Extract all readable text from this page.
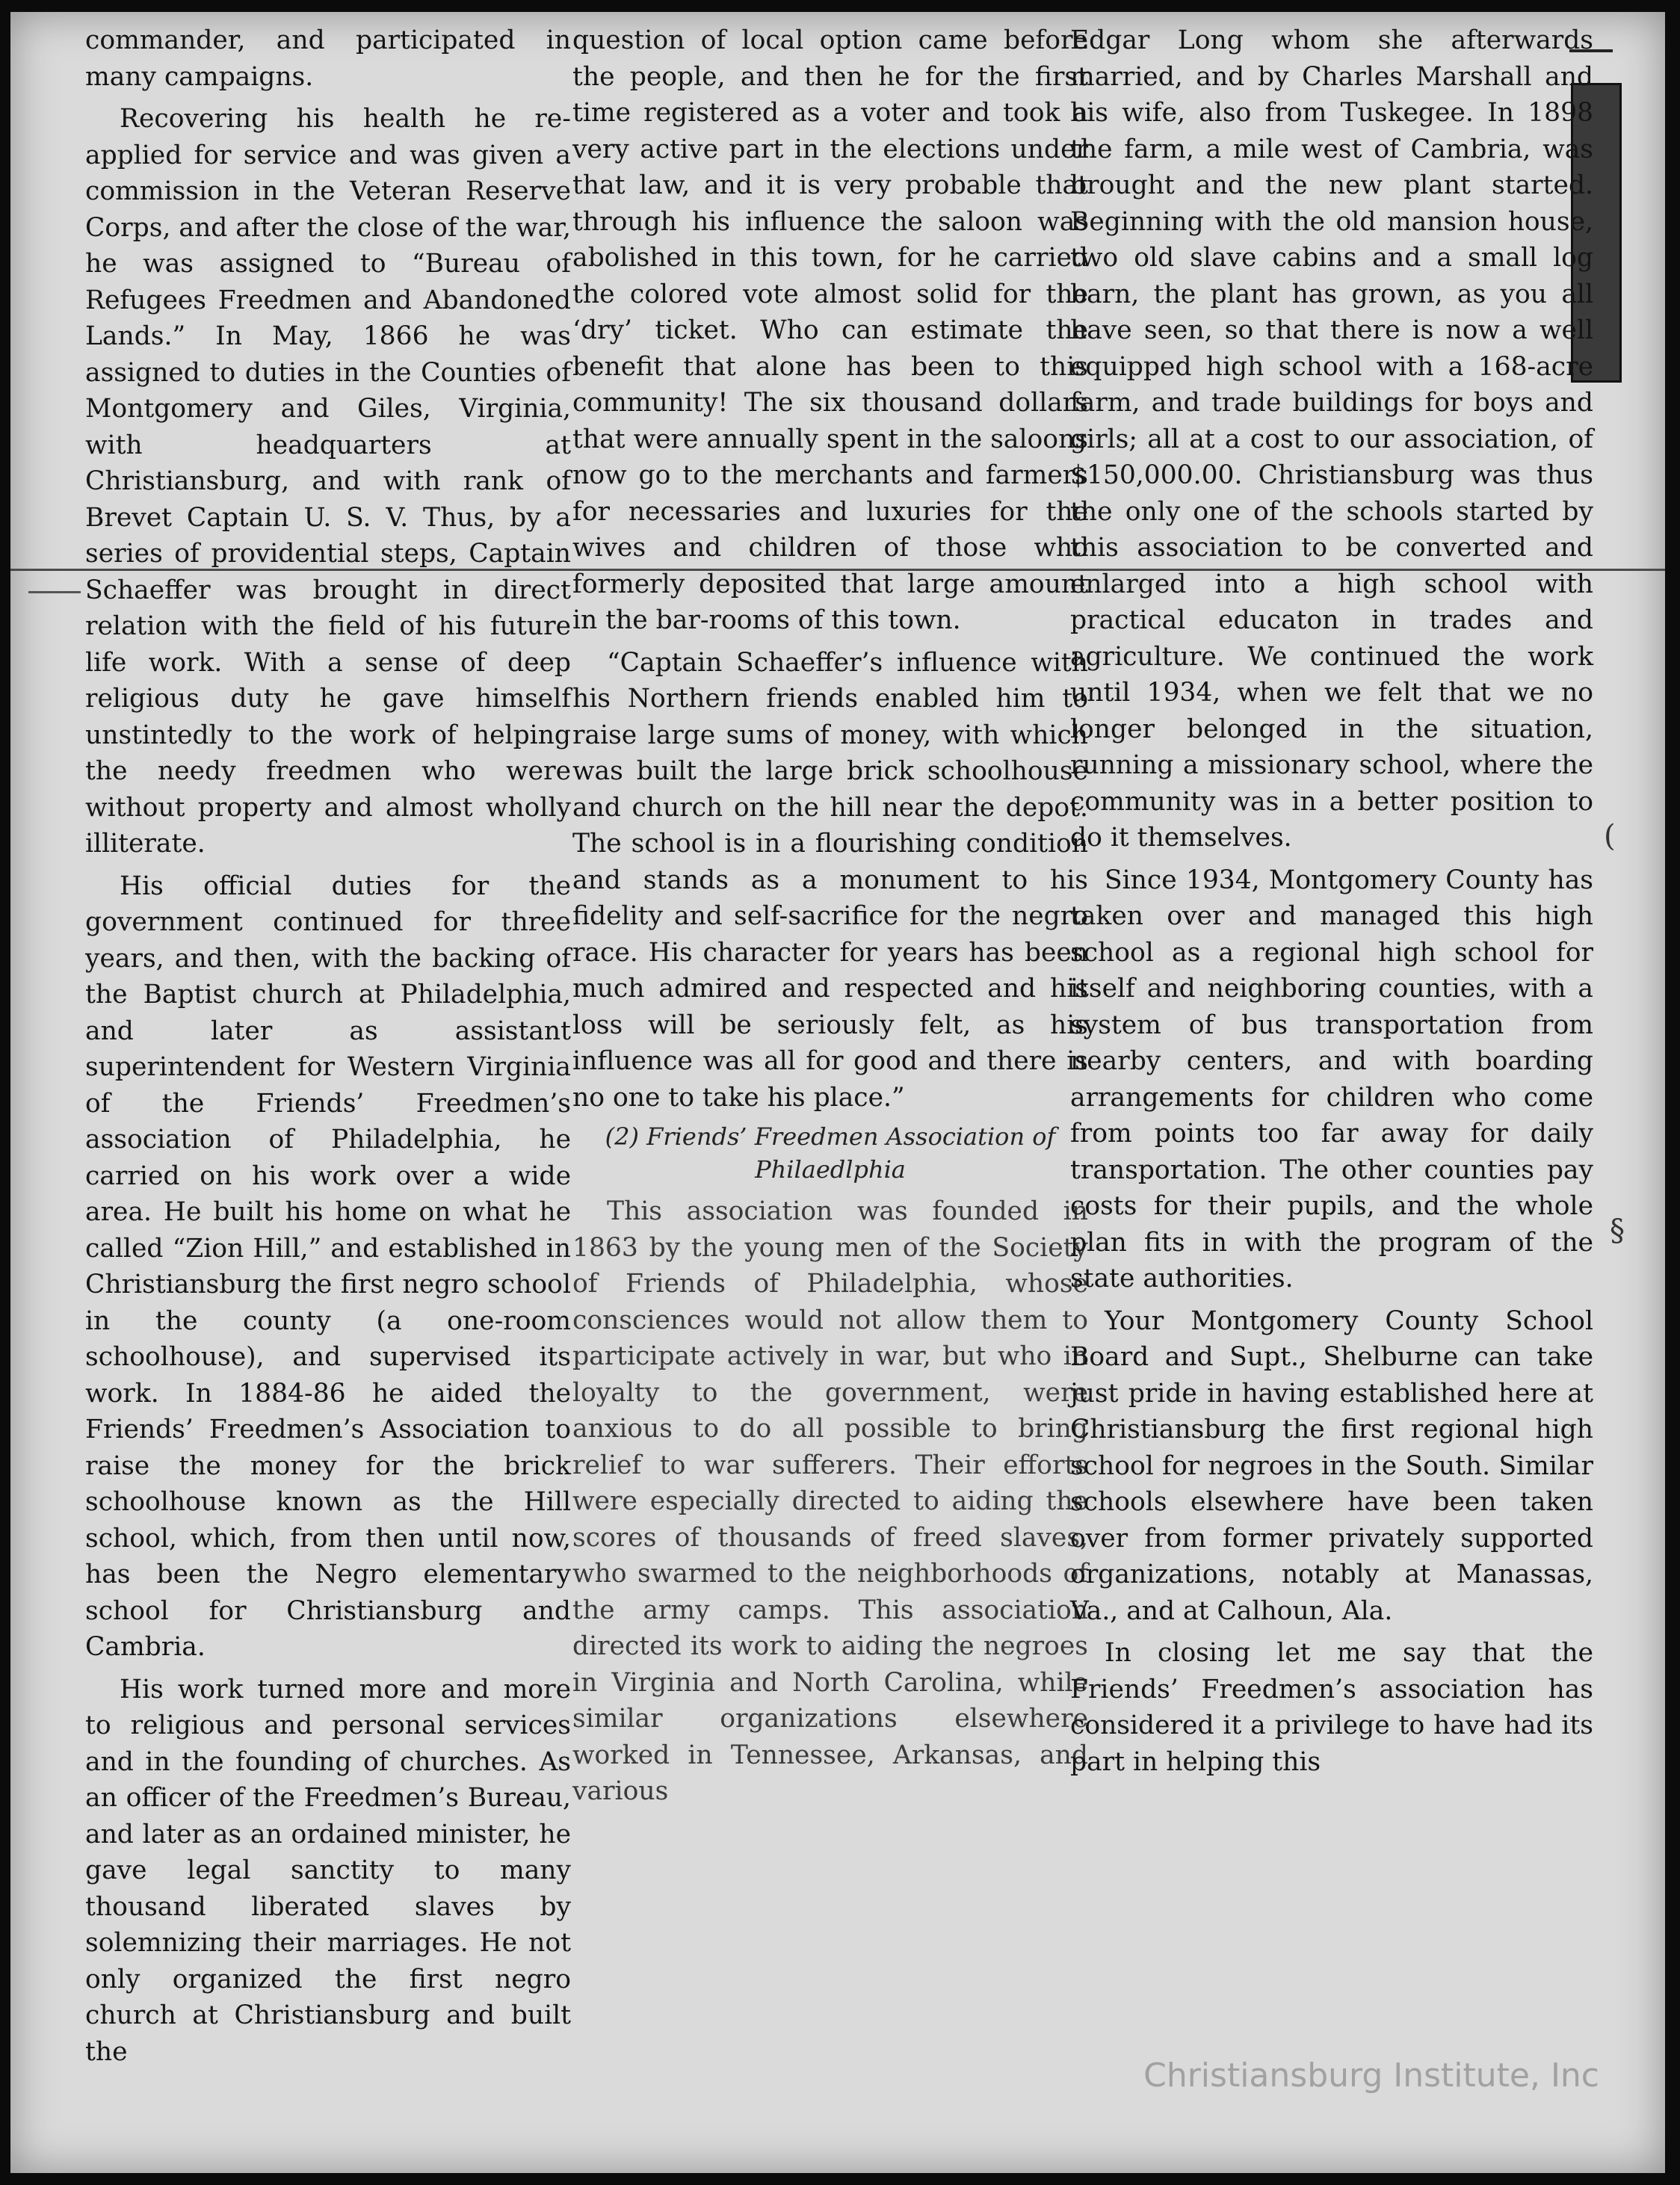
(
§

commander, and participated in many campaigns.

Recovering his health he re-applied for service and was given a commission in the Veteran Reserve Corps, and after the close of the war, he was assigned to “Bureau of Refugees Freedmen and Abandoned Lands.” In May, 1866 he was assigned to duties in the Counties of Montgomery and Giles, Virginia, with headquarters at Christiansburg, and with rank of Brevet Captain U. S. V. Thus, by a series of providential steps, Captain Schaeffer was brought in direct relation with the field of his future life work. With a sense of deep religious duty he gave himself unstintedly to the work of helping the needy freedmen who were without property and almost wholly illiterate.

His official duties for the government continued for three years, and then, with the backing of the Baptist church at Philadelphia, and later as assistant superintendent for Western Virginia of the Friends’ Freedmen’s association of Philadelphia, he carried on his work over a wide area. He built his home on what he called “Zion Hill,” and established in Christiansburg the first negro school in the county (a one-room schoolhouse), and supervised its work. In 1884-86 he aided the Friends’ Freedmen’s Association to raise the money for the brick schoolhouse known as the Hill school, which, from then until now, has been the Negro elementary school for Christiansburg and Cambria.

His work turned more and more to religious and personal services and in the founding of churches. As an officer of the Freedmen’s Bureau, and later as an ordained minister, he gave legal sanctity to many thousand liberated slaves by solemnizing their marriages. He not only organized the first negro church at Christiansburg and built the

question of local option came before the people, and then he for the first time registered as a voter and took a very active part in the elections under that law, and it is very probable that through his influence the saloon was abolished in this town, for he carried the colored vote almost solid for the ‘dry’ ticket. Who can estimate the benefit that alone has been to this community! The six thousand dollars that were annually spent in the saloons now go to the merchants and farmers for necessaries and luxuries for the wives and children of those who formerly deposited that large amount in the bar-rooms of this town.

“Captain Schaeffer’s influence with his Northern friends enabled him to raise large sums of money, with which was built the large brick schoolhouse and church on the hill near the depot. The school is in a flourishing condition and stands as a monument to his fidelity and self-sacrifice for the negro race. His character for years has been much admired and respected and his loss will be seriously felt, as his influence was all for good and there is no one to take his place.”

(2) Friends’ Freedmen Association of Philaedlphia

This association was founded in 1863 by the young men of the Society of Friends of Philadelphia, whose consciences would not allow them to participate actively in war, but who in loyalty to the government, were anxious to do all possible to bring relief to war sufferers. Their efforts were especially directed to aiding the scores of thousands of freed slaves, who swarmed to the neighborhoods of the army camps. This association directed its work to aiding the negroes in Virginia and North Carolina, while similar organizations elsewhere worked in Tennessee, Arkansas, and various

Edgar Long whom she afterwards married, and by Charles Marshall and his wife, also from Tuskegee. In 1898 the farm, a mile west of Cambria, was brought and the new plant started. Beginning with the old mansion house, two old slave cabins and a small log barn, the plant has grown, as you all have seen, so that there is now a well equipped high school with a 168-acre farm, and trade buildings for boys and girls; all at a cost to our association, of $150,000.00. Christiansburg was thus the only one of the schools started by this association to be converted and enlarged into a high school with practical educaton in trades and agriculture. We continued the work until 1934, when we felt that we no longer belonged in the situation, running a missionary school, where the community was in a better position to do it themselves.

Since 1934, Montgomery County has taken over and managed this high school as a regional high school for itself and neighboring counties, with a system of bus transportation from nearby centers, and with boarding arrangements for children who come from points too far away for daily transportation. The other counties pay costs for their pupils, and the whole plan fits in with the program of the state authorities.

Your Montgomery County School Board and Supt., Shelburne can take just pride in having established here at Christiansburg the first regional high school for negroes in the South. Similar schools elsewhere have been taken over from former privately supported organizations, notably at Manassas, Va., and at Calhoun, Ala.

In closing let me say that the Friends’ Freedmen’s association has considered it a privilege to have had its part in helping this

Christiansburg Institute, Inc
